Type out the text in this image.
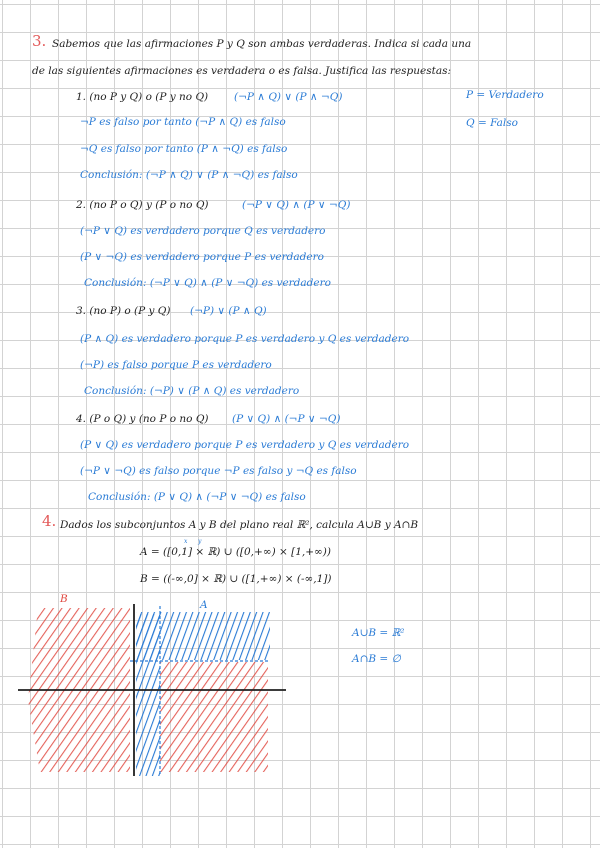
3. Sabemos que las afirmaciones P y Q son ambas verdaderas. Indica si cada una
de las siguientes afirmaciones es verdadera o es falsa. Justifica las respuestas:
P = Verdadero
Q = Falso
1. (no P y Q) o (P y no Q) (¬P ∧ Q) ∨ (P ∧ ¬Q)
¬P es falso por tanto (¬P ∧ Q) es falso
¬Q es falso por tanto (P ∧ ¬Q) es falso
Conclusión: (¬P ∧ Q) ∨ (P ∧ ¬Q) es falso
2. (no P o Q) y (P o no Q)	(¬P ∨ Q) ∧ (P ∨ ¬Q)
(¬P ∨ Q) es verdadero porque Q es verdadero
(P ∨ ¬Q) es verdadero porque P es verdadero
Conclusión: (¬P ∨ Q) ∧ (P ∨ ¬Q) es verdadero
3. (no P) o (P y Q) (¬P) ∨ (P ∧ Q)
(P ∧ Q) es verdadero porque P es verdadero y Q es verdadero
(¬P) es falso porque P es verdadero
Conclusión: (¬P) ∨ (P ∧ Q) es verdadero
4. (P o Q) y (no P o no Q) (P ∨ Q) ∧ (¬P ∨ ¬Q)
(P ∨ Q) es verdadero porque P es verdadero y Q es verdadero
(¬P ∨ ¬Q) es falso porque ¬P es falso y ¬Q es falso
Conclusión: (P ∨ Q) ∧ (¬P ∨ ¬Q) es falso
4. Dados los subconjuntos A y B del plano real ℝ², calcula A∪B y A∩B
x y
A = ([0,1] × ℝ) ∪ ([0,+∞) × [1,+∞))
B = ((-∞,0] × ℝ) ∪ ([1,+∞) × (-∞,1])
B	A
A∪B = ℝ²
A∩B = ∅
